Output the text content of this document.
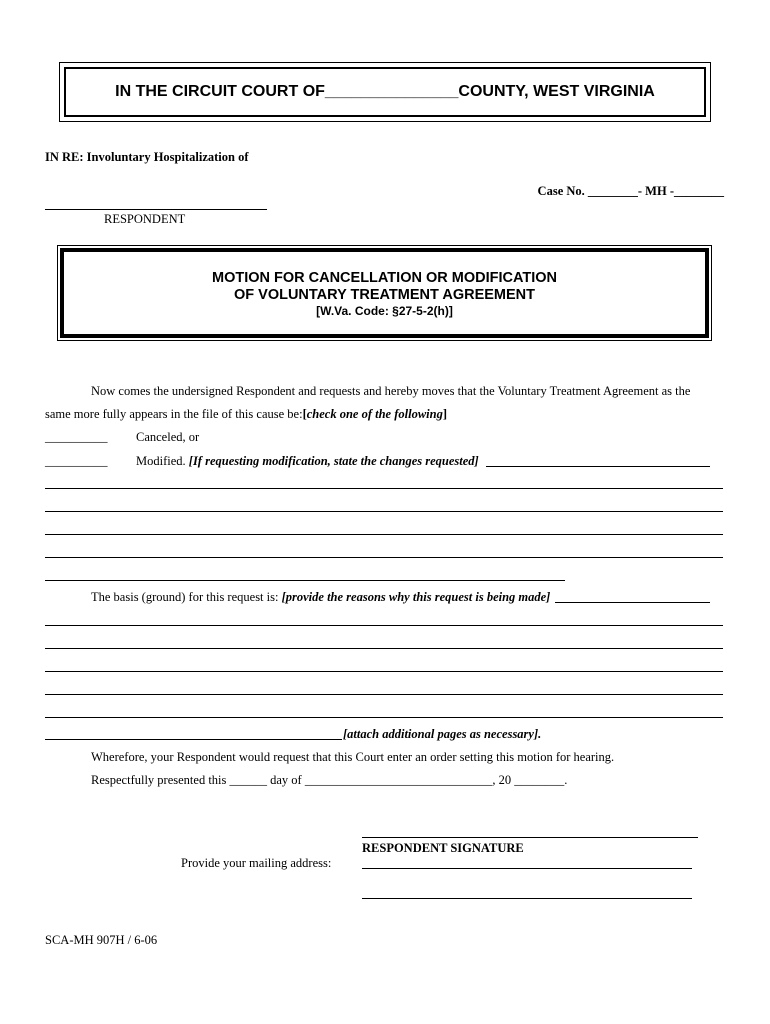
IN THE CIRCUIT COURT OF _______________ COUNTY, WEST VIRGINIA
IN RE: Involuntary Hospitalization of
Case No. ________- MH -________
RESPONDENT
MOTION FOR CANCELLATION OR MODIFICATION
OF VOLUNTARY TREATMENT AGREEMENT
[W.Va. Code: §27-5-2(h)]
Now comes the undersigned Respondent and requests and hereby moves that the Voluntary Treatment Agreement as the
same more fully appears in the file of this cause be:[check one of the following]
__________ Canceled, or
__________ Modified. [If requesting modification, state the changes requested]
The basis (ground) for this request is: [provide the reasons why this request is being made]
[attach additional pages as necessary].
Wherefore, your Respondent would request that this Court enter an order setting this motion for hearing.
Respectfully presented this ______ day of ______________________________, 20 ________.
RESPONDENT SIGNATURE
Provide your mailing address:
SCA-MH 907H / 6-06
